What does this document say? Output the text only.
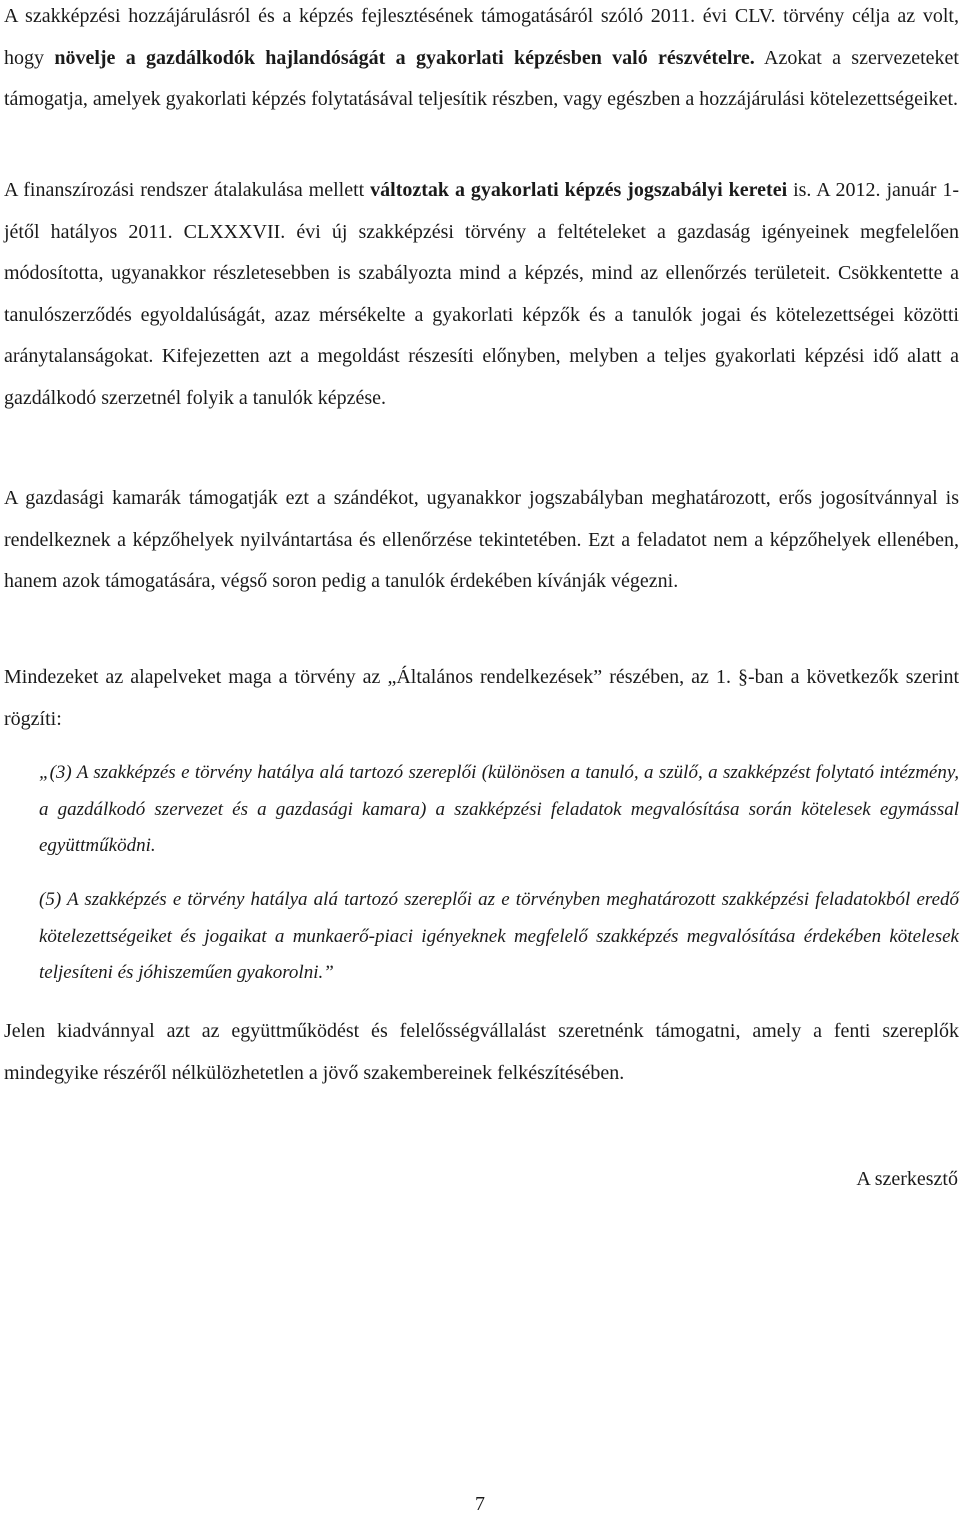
A szakképzési hozzájárulásról és a képzés fejlesztésének támogatásáról szóló 2011. évi CLV. törvény célja az volt, hogy növelje a gazdálkodók hajlandóságát a gyakorlati képzésben való részvételre. Azokat a szervezeteket támogatja, amelyek gyakorlati képzés folytatásával teljesítik részben, vagy egészben a hozzájárulási kötelezettségeiket.

A finanszírozási rendszer átalakulása mellett változtak a gyakorlati képzés jogszabályi keretei is. A 2012. január 1-jétől hatályos 2011. CLXXXVII. évi új szakképzési törvény a feltételeket a gazdaság igényeinek megfelelően módosította, ugyanakkor részletesebben is szabályozta mind a képzés, mind az ellenőrzés területeit. Csökkentette a tanulószerződés egyoldalúságát, azaz mérsékelte a gyakorlati képzők és a tanulók jogai és kötelezettségei közötti aránytalanságokat. Kifejezetten azt a megoldást részesíti előnyben, melyben a teljes gyakorlati képzési idő alatt a gazdálkodó szerzetnél folyik a tanulók képzése.

A gazdasági kamarák támogatják ezt a szándékot, ugyanakkor jogszabályban meghatározott, erős jogosítvánnyal is rendelkeznek a képzőhelyek nyilvántartása és ellenőrzése tekintetében. Ezt a feladatot nem a képzőhelyek ellenében, hanem azok támogatására, végső soron pedig a tanulók érdekében kívánják végezni.

Mindezeket az alapelveket maga a törvény az „Általános rendelkezések” részében, az 1. §-ban a következők szerint rögzíti:

„(3) A szakképzés e törvény hatálya alá tartozó szereplői (különösen a tanuló, a szülő, a szakképzést folytató intézmény, a gazdálkodó szervezet és a gazdasági kamara) a szakképzési feladatok megvalósítása során kötelesek egymással együttműködni.

(5) A szakképzés e törvény hatálya alá tartozó szereplői az e törvényben meghatározott szakképzési feladatokból eredő kötelezettségeiket és jogaikat a munkaerő-piaci igényeknek megfelelő szakképzés megvalósítása érdekében kötelesek teljesíteni és jóhiszeműen gyakorolni.”

Jelen kiadvánnyal azt az együttműködést és felelősségvállalást szeretnénk támogatni, amely a fenti szereplők mindegyike részéről nélkülözhetetlen a jövő szakembereinek felkészítésében.

A szerkesztő

7
